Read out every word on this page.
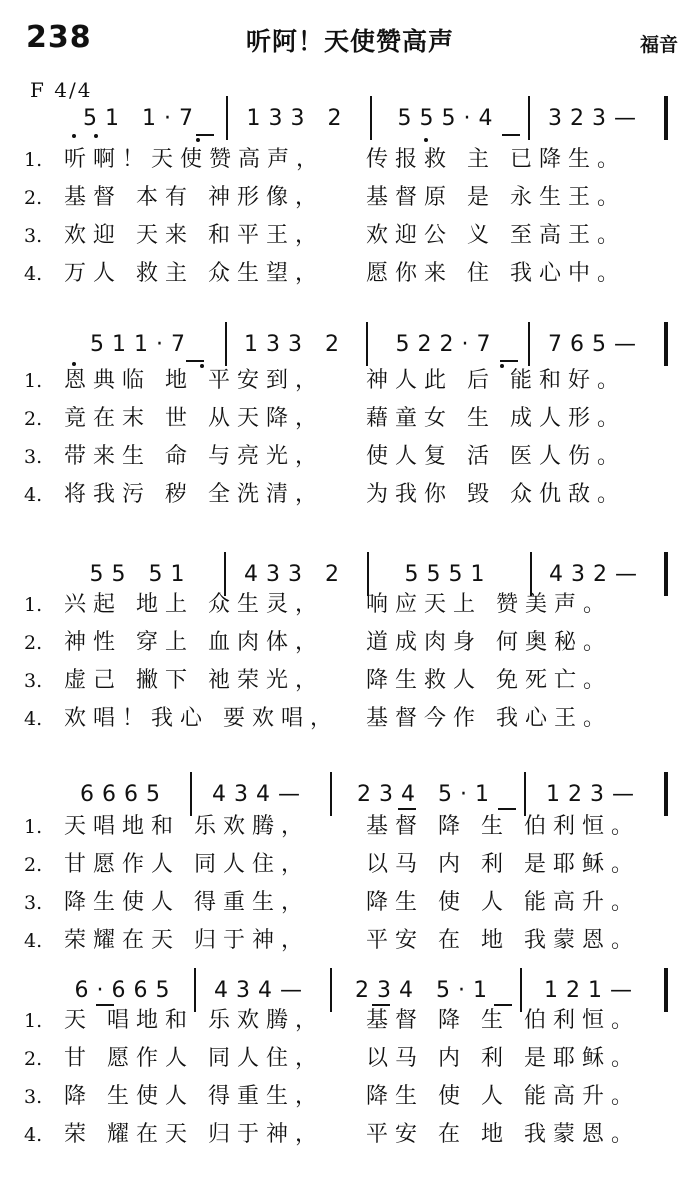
238	听阿！天使赞高声	福音
F 4/4
51 1·7 133 2 555·4 323—
1. 听啊！天使赞高声， 传报救 主 已降生。
2. 基督 本有 神形像， 基督原 是 永生王。
3. 欢迎 天来 和平王， 欢迎公 义 至高王。
4. 万人 救主 众生望， 愿你来 住 我心中。
511·7 133 2 522·7 765—
1. 恩典临 地 平安到， 神人此 后 能和好。
2. 竟在末 世 从天降， 藉童女 生 成人形。
3. 带来生 命 与亮光， 使人复 活 医人伤。
4. 将我污 秽 全洗清， 为我你 毁 众仇敌。
55 51 433 2	5551	432—
1. 兴起 地上 众生灵， 响应天上 赞美声。
2. 神性 穿上 血肉体， 道成肉身 何奥秘。
3. 虚己 撇下 祂荣光， 降生救人 免死亡。
4. 欢唱！我心 要欢唱， 基督今作 我心王。
6665 434— 234 5·1 123—
1. 天唱地和 乐欢腾，	基督 降 生 伯利恒。
2. 甘愿作人 同人住，	以马 内 利 是耶稣。
3. 降生使人 得重生，	降生 使 人 能高升。
4. 荣耀在天 归于神，	平安 在 地 我蒙恩。
6·665 434— 234 5·1 121—
1. 天 唱地和 乐欢腾， 基督 降 生 伯利恒。
2. 甘 愿作人 同人住， 以马 内 利 是耶稣。
3. 降 生使人 得重生， 降生 使 人 能高升。
4. 荣 耀在天 归于神， 平安 在 地 我蒙恩。
